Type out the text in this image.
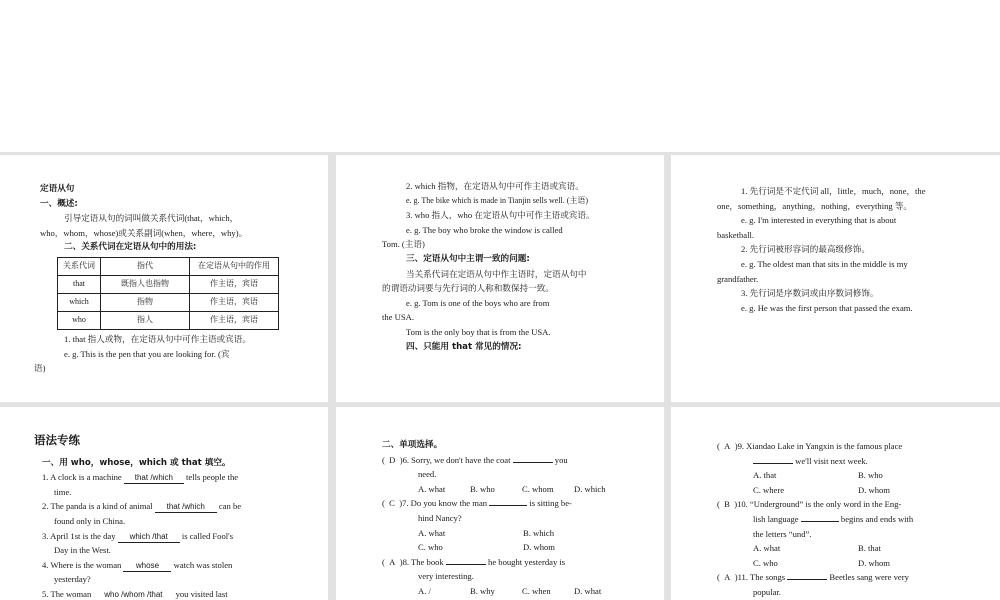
定语从句
一、概述:
引导定语从句的词叫做关系代词(that，which，
who，whom，whose)或关系副词(when，where，why)。
二、关系代词在定语从句中的用法:
关系代词	指代	在定语从句中的作用
that	既指人也指物	作主语，宾语
which	指物	作主语，宾语
who	指人	作主语，宾语
1. that 指人或物，在定语从句中可作主语或宾语。
e. g. This is the pen that you are looking for. (宾
语)
2. which 指物，在定语从句中可作主语或宾语。
e. g. The bike which is made in Tianjin sells well. (主语)
3. who 指人，who 在定语从句中可作主语或宾语。
e. g. The boy who broke the window is called
Tom. (主语)
三、定语从句中主谓一致的问题:
当关系代词在定语从句中作主语时，定语从句中
的谓语动词要与先行词的人称和数保持一致。
e. g. Tom is one of the boys who are from
the USA.
Tom is the only boy that is from the USA.
四、只能用 that 常见的情况:
1. 先行词是不定代词 all，little，much，none，the
one，something，anything，nothing，everything 等。
e. g. I'm interested in everything that is about
basketball.
2. 先行词被形容词的最高级修饰。
e. g. The oldest man that sits in the middle is my
grandfather.
3. 先行词是序数词或由序数词修饰。
e. g. He was the first person that passed the exam.
语法专练
一、用 who，whose，which 或 that 填空。
1. A clock is a machine that /which tells people the
time.
2. The panda is a kind of animal that /which can be
found only in China.
3. April 1st is the day which /that is called Fool's
Day in the West.
4. Where is the woman whose watch was stolen
yesterday?
5. The woman who /whom /that you visited last
二、单项选择。
(  D  )6. Sorry, we don't have the coat	you
need.
A. what	B. who	C. whom D. which
(  C  )7. Do you know the man	is sitting be-
hind Nancy?
A. what	B. which
C. who	D. whom
(  A  )8. The book	he bought yesterday is
very interesting.
A. /	B. why	C. when	D. what
(  A  )9. Xiandao Lake in Yangxin is the famous place
we'll visit next week.
A. that	B. who
C. where	D. whom
(  B  )10. “Underground” is the only word in the Eng-
lish language	begins and ends with
the letters “und”.
A. what	B. that
C. who	D. whom
(  A  )11. The songs	Beetles sang were very
popular.
